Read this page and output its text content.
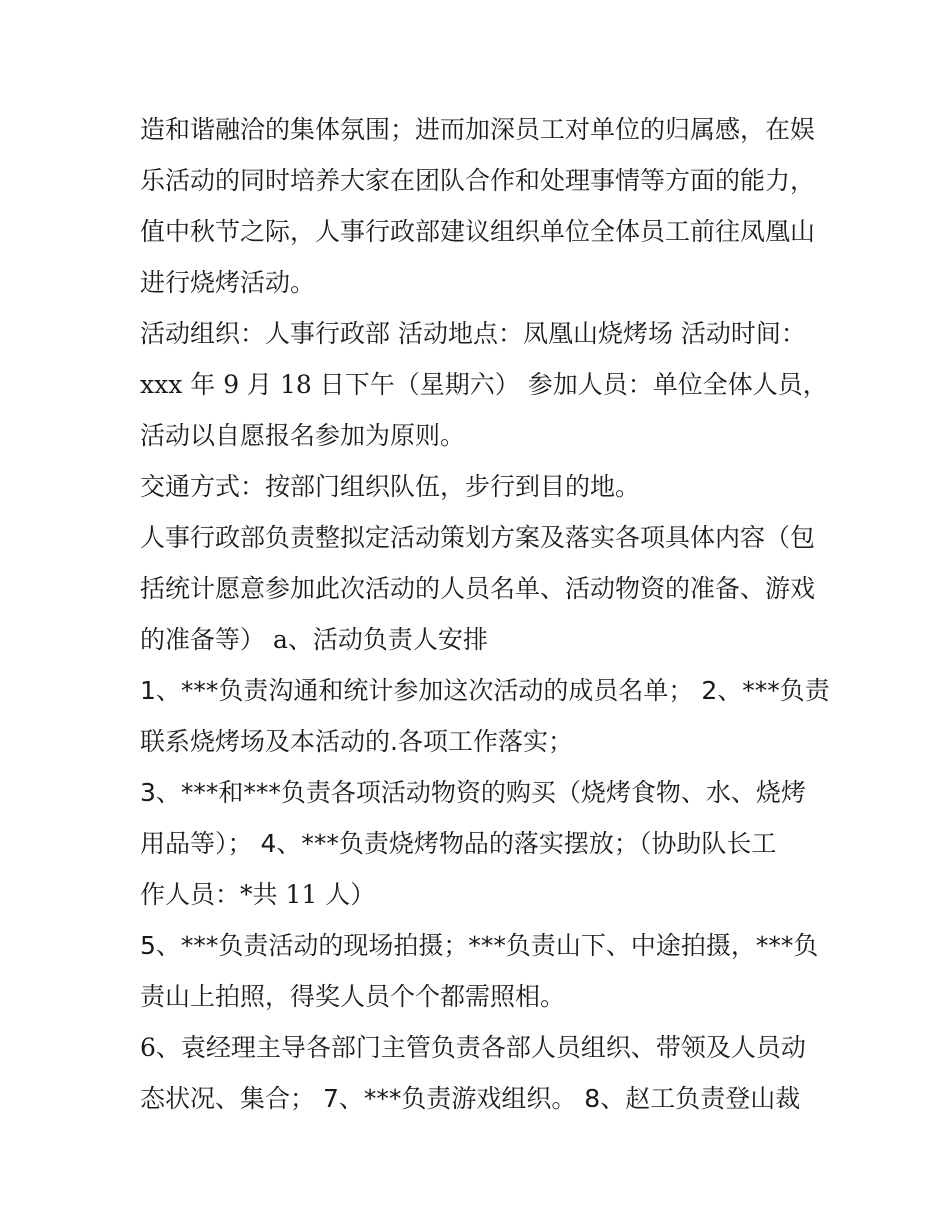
造和谐融洽的集体氛围；进而加深员工对单位的归属感，在娱
乐活动的同时培养大家在团队合作和处理事情等方面的能力，
值中秋节之际，人事行政部建议组织单位全体员工前往凤凰山
进行烧烤活动。
活动组织：人事行政部 活动地点：凤凰山烧烤场 活动时间：
xxx 年 9 月 18 日下午（星期六） 参加人员：单位全体人员，
活动以自愿报名参加为原则。
交通方式：按部门组织队伍，步行到目的地。
人事行政部负责整拟定活动策划方案及落实各项具体内容（包
括统计愿意参加此次活动的人员名单、活动物资的准备、游戏
的准备等） a、活动负责人安排
1、***负责沟通和统计参加这次活动的成员名单； 2、***负责
联系烧烤场及本活动的.各项工作落实；
3、***和***负责各项活动物资的购买（烧烤食物、水、烧烤
用品等）； 4、***负责烧烤物品的落实摆放；（协助队长工
作人员：*共 11 人）
5、***负责活动的现场拍摄；***负责山下、中途拍摄，***负
责山上拍照，得奖人员个个都需照相。
6、袁经理主导各部门主管负责各部人员组织、带领及人员动
态状况、集合； 7、***负责游戏组织。 8、赵工负责登山裁
